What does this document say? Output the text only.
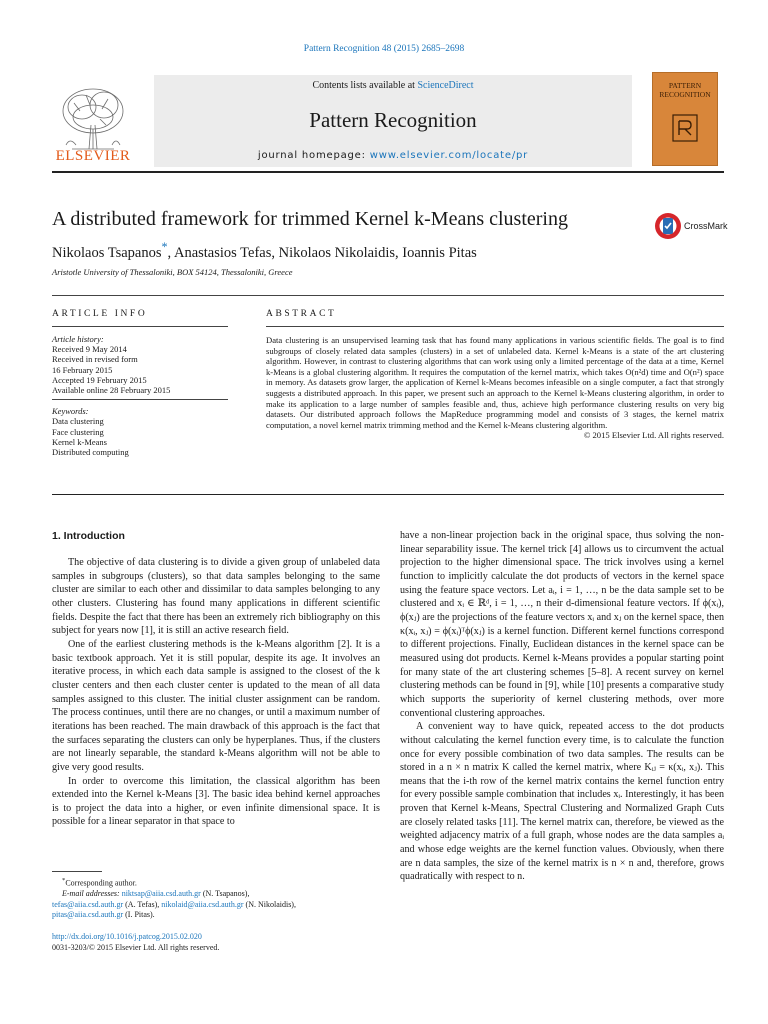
Pattern Recognition 48 (2015) 2685–2698
Contents lists available at ScienceDirect
Pattern Recognition
journal homepage: www.elsevier.com/locate/pr
ELSEVIER
PATTERN RECOGNITION
A distributed framework for trimmed Kernel k-Means clustering
Nikolaos Tsapanos*, Anastasios Tefas, Nikolaos Nikolaidis, Ioannis Pitas
Aristotle University of Thessaloniki, BOX 54124, Thessaloniki, Greece
CrossMark
ARTICLE INFO	ABSTRACT
Article history:
Received 9 May 2014
Received in revised form
16 February 2015
Accepted 19 February 2015
Available online 28 February 2015
Keywords:
Data clustering
Face clustering
Kernel k-Means
Distributed computing
Data clustering is an unsupervised learning task that has found many applications in various scientific fields. The goal is to find subgroups of closely related data samples (clusters) in a set of unlabeled data. Kernel k-Means is a state of the art clustering algorithm. However, in contrast to clustering algorithms that can work using only a limited percentage of the data at a time, Kernel k-Means is a global clustering algorithm. It requires the computation of the kernel matrix, which takes O(n²d) time and O(n²) space in memory. As datasets grow larger, the application of Kernel k-Means becomes infeasible on a single computer, a fact that strongly suggests a distributed approach. In this paper, we present such an approach to the Kernel k-Means clustering algorithm, in order to make its application to a large number of samples feasible and, thus, achieve high performance clustering results on very big datasets. Our distributed approach follows the MapReduce programming model and consists of 3 stages, the kernel matrix computation, a novel kernel matrix trimming method and the Kernel k-Means clustering algorithm.
© 2015 Elsevier Ltd. All rights reserved.
1. Introduction

The objective of data clustering is to divide a given group of unlabeled data samples in subgroups (clusters), so that data samples belonging to the same cluster are similar to each other and dissimilar to data samples belonging to any other clusters. Clustering has found many applications in different scientific fields. Despite the fact that there has been an extremely rich bibliography on this subject for years now [1], it is still an active research field.

One of the earliest clustering methods is the k-Means algorithm [2]. It is a basic textbook approach. Yet it is still popular, despite its age. It involves an iterative process, in which each data sample is assigned to the closest of the k cluster centers and then each cluster center is updated to the mean of all data samples assigned to this cluster. The initial cluster assignment can be random. The process continues, until there are no changes, or until a maximum number of iterations has been reached. The main drawback of this approach is the fact that the surfaces separating the clusters can only be hyperplanes. Thus, if the clusters are not linearly separable, the standard k-Means algorithm will not be able to give very good results.

In order to overcome this limitation, the classical algorithm has been extended into the Kernel k-Means [3]. The basic idea behind kernel approaches is to project the data into a higher, or even infinite dimensional space. It is possible for a linear separator in that space to

have a non-linear projection back in the original space, thus solving the non-linear separability issue. The kernel trick [4] allows us to circumvent the actual projection to the higher dimensional space. The trick involves using a kernel function to implicitly calculate the dot products of vectors in the kernel space using the feature space vectors. Let aᵢ, i = 1, …, n be the data sample set to be clustered and xᵢ ∈ ℝᵈ, i = 1, …, n their d-dimensional feature vectors. If ϕ(xᵢ), ϕ(xⱼ) are the projections of the feature vectors xᵢ and xⱼ on the kernel space, then κ(xᵢ, xⱼ) = ϕ(xᵢ)ᵀϕ(xⱼ) is a kernel function. Different kernel functions correspond to different projections. Finally, Euclidean distances in the kernel space can be measured using dot products. Kernel k-Means provides a popular starting point for many state of the art clustering schemes [5–8]. A recent survey on kernel clustering methods can be found in [9], while [10] presents a comparative study which supports the superiority of kernel clustering methods, over more conventional clustering approaches.

A convenient way to have quick, repeated access to the dot products without calculating the kernel function every time, is to calculate the function once for every possible combination of two data samples. The results can be stored in a n × n matrix K called the kernel matrix, where Kᵢⱼ = κ(xᵢ, xⱼ). This means that the i-th row of the kernel matrix contains the kernel function entry for every possible sample combination that includes xᵢ. Interestingly, it has been proven that Kernel k-Means, Spectral Clustering and Normalized Graph Cuts are closely related tasks [11]. The kernel matrix can, therefore, be viewed as the weighted adjacency matrix of a full graph, whose nodes are the data samples aᵢ and whose edge weights are the kernel function values. Obviously, when there are n data samples, the size of the kernel matrix is n × n and, therefore, grows quadratically with respect to n.

*Corresponding author.
E-mail addresses: niktsap@aiia.csd.auth.gr (N. Tsapanos),
tefas@aiia.csd.auth.gr (A. Tefas), nikolaid@aiia.csd.auth.gr (N. Nikolaidis),
pitas@aiia.csd.auth.gr (I. Pitas).
http://dx.doi.org/10.1016/j.patcog.2015.02.020
0031-3203/© 2015 Elsevier Ltd. All rights reserved.
